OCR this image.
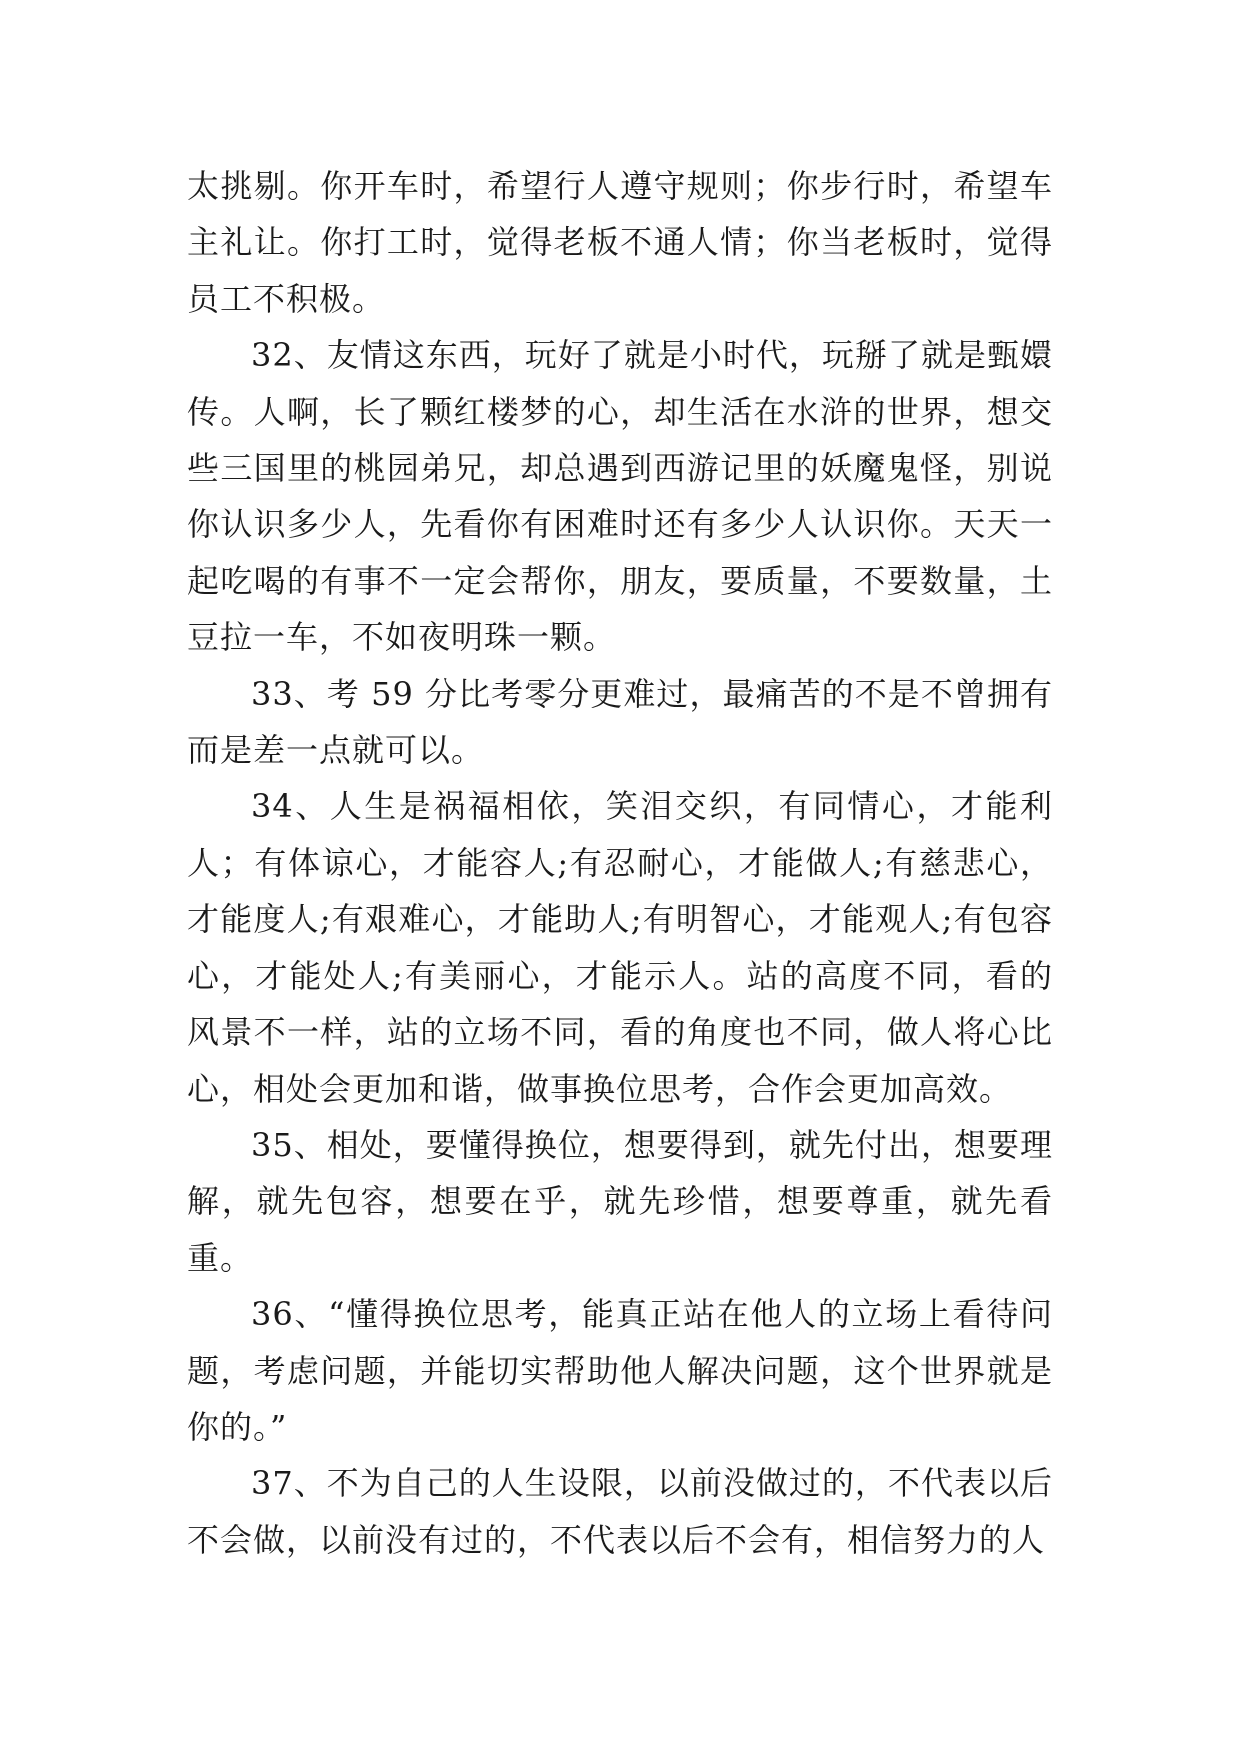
太挑剔。你开车时，希望行人遵守规则；你步行时，希望车主礼让。你打工时，觉得老板不通人情；你当老板时，觉得员工不积极。

32、友情这东西，玩好了就是小时代，玩掰了就是甄嬛传。人啊，长了颗红楼梦的心，却生活在水浒的世界，想交些三国里的桃园弟兄，却总遇到西游记里的妖魔鬼怪，别说你认识多少人，先看你有困难时还有多少人认识你。天天一起吃喝的有事不一定会帮你，朋友，要质量，不要数量，土豆拉一车，不如夜明珠一颗。

33、考 59 分比考零分更难过，最痛苦的不是不曾拥有而是差一点就可以。

34、人生是祸福相依，笑泪交织，有同情心，才能利人；有体谅心，才能容人;有忍耐心，才能做人;有慈悲心，才能度人;有艰难心，才能助人;有明智心，才能观人;有包容心，才能处人;有美丽心，才能示人。站的高度不同，看的风景不一样，站的立场不同，看的角度也不同，做人将心比心，相处会更加和谐，做事换位思考，合作会更加高效。

35、相处，要懂得换位，想要得到，就先付出，想要理解，就先包容，想要在乎，就先珍惜，想要尊重，就先看重。

36、“懂得换位思考，能真正站在他人的立场上看待问题，考虑问题，并能切实帮助他人解决问题，这个世界就是你的。”

37、不为自己的人生设限，以前没做过的，不代表以后不会做，以前没有过的，不代表以后不会有，相信努力的人
